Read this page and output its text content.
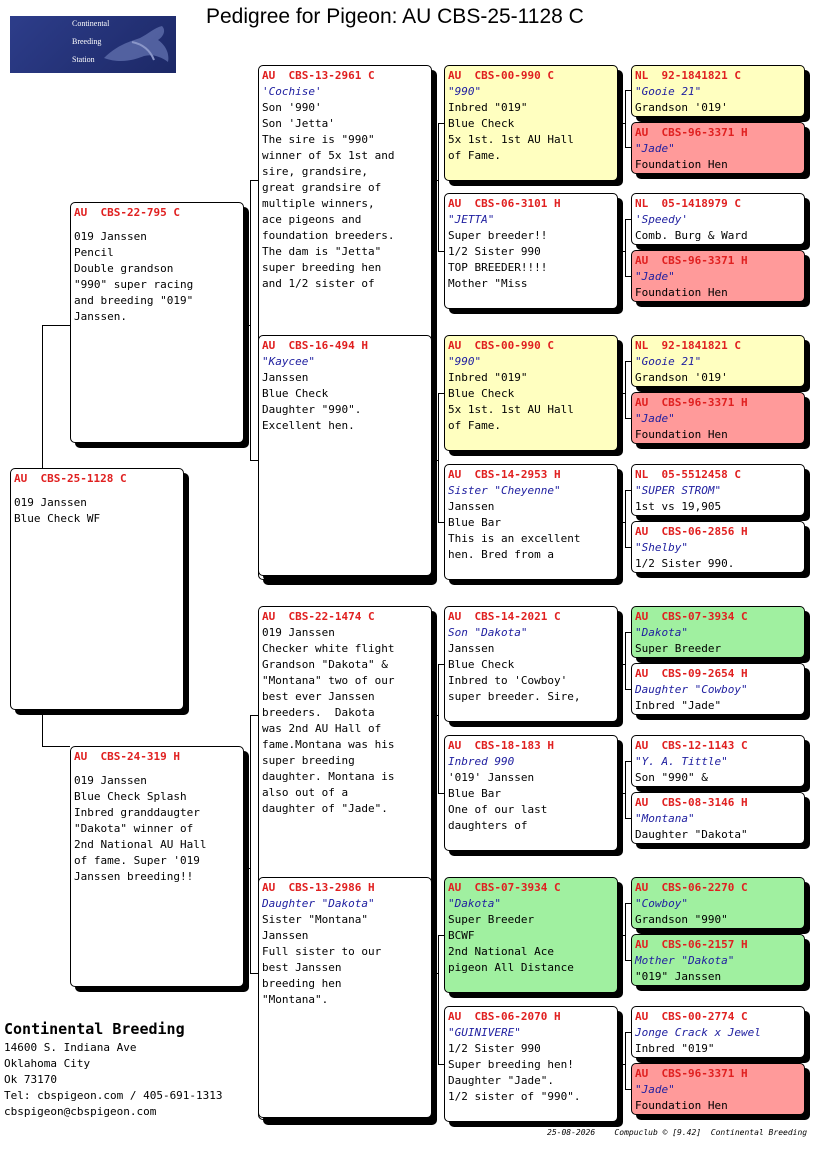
Pedigree for Pigeon: AU CBS-25-1128 C
Continental
Breeding
Station
AU  CBS-25-1128 C
019 Janssen
Blue Check WF
AU  CBS-22-795 C
019 Janssen
Pencil
Double grandson
"990" super racing
and breeding "019"
Janssen.
AU  CBS-24-319 H
019 Janssen
Blue Check Splash
Inbred granddaugter
"Dakota" winner of
2nd National AU Hall
of fame. Super '019
Janssen breeding!!
AU  CBS-13-2961 C
'Cochise'
Son '990'
Son 'Jetta'
The sire is "990"
winner of 5x 1st and
sire, grandsire,
great grandsire of
multiple winners,
ace pigeons and
foundation breeders.
The dam is "Jetta"
super breeding hen
and 1/2 sister of
AU  CBS-16-494 H
"Kaycee"
Janssen
Blue Check
Daughter "990".
Excellent hen.
AU  CBS-22-1474 C
019 Janssen
Checker white flight
Grandson "Dakota" &
"Montana" two of our
best ever Janssen
breeders.  Dakota
was 2nd AU Hall of
fame.Montana was his
super breeding
daughter. Montana is
also out of a
daughter of "Jade".
AU  CBS-13-2986 H
Daughter "Dakota"
Sister "Montana"
Janssen
Full sister to our
best Janssen
breeding hen
"Montana".
AU  CBS-00-990 C
"990"
Inbred "019"
Blue Check
5x 1st. 1st AU Hall
of Fame.
AU  CBS-06-3101 H
"JETTA"
Super breeder!!
1/2 Sister 990
TOP BREEDER!!!!
Mother "Miss
AU  CBS-00-990 C
"990"
Inbred "019"
Blue Check
5x 1st. 1st AU Hall
of Fame.
AU  CBS-14-2953 H
Sister "Cheyenne"
Janssen
Blue Bar
This is an excellent
hen. Bred from a
AU  CBS-14-2021 C
Son "Dakota"
Janssen
Blue Check
Inbred to 'Cowboy'
super breeder. Sire,
AU  CBS-18-183 H
Inbred 990
'019' Janssen
Blue Bar
One of our last
daughters of
AU  CBS-07-3934 C
"Dakota"
Super Breeder
BCWF
2nd National Ace
pigeon All Distance
AU  CBS-06-2070 H
"GUINIVERE"
1/2 Sister 990
Super breeding hen!
Daughter "Jade".
1/2 sister of "990".
NL  92-1841821 C
"Gooie 21"
Grandson '019'
AU  CBS-96-3371 H
"Jade"
Foundation Hen
NL  05-1418979 C
'Speedy'
Comb. Burg & Ward
AU  CBS-96-3371 H
"Jade"
Foundation Hen
NL  92-1841821 C
"Gooie 21"
Grandson '019'
AU  CBS-96-3371 H
"Jade"
Foundation Hen
NL  05-5512458 C
"SUPER STROM"
1st vs 19,905
AU  CBS-06-2856 H
"Shelby"
1/2 Sister 990.
AU  CBS-07-3934 C
"Dakota"
Super Breeder
AU  CBS-09-2654 H
Daughter "Cowboy"
Inbred "Jade"
AU  CBS-12-1143 C
"Y. A. Tittle"
Son "990" &
AU  CBS-08-3146 H
"Montana"
Daughter "Dakota"
AU  CBS-06-2270 C
"Cowboy"
Grandson "990"
AU  CBS-06-2157 H
Mother "Dakota"
"019" Janssen
AU  CBS-00-2774 C
Jonge Crack x Jewel
Inbred "019"
AU  CBS-96-3371 H
"Jade"
Foundation Hen
Continental Breeding
14600 S. Indiana Ave
Oklahoma City
Ok 73170
Tel: cbspigeon.com / 405-691-1313
cbspigeon@cbspigeon.com
25-08-2026    Compuclub © [9.42]  Continental Breeding
